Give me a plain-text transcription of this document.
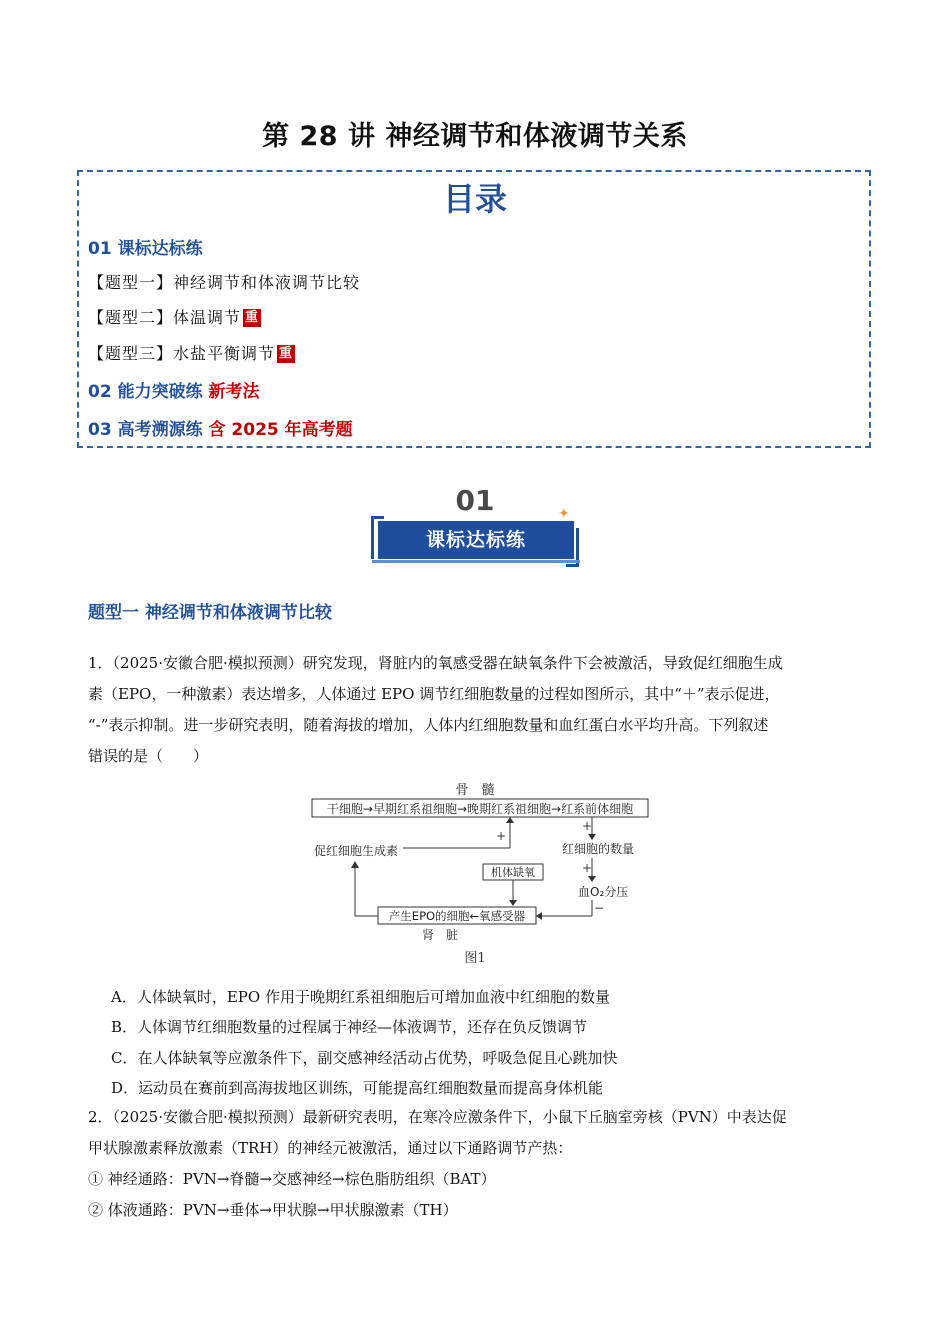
第 28 讲 神经调节和体液调节关系
目录
01 课标达标练
【题型一】神经调节和体液调节比较
【题型二】体温调节 重
【题型三】水盐平衡调节 重
02 能力突破练 新考法
03 高考溯源练 含 2025 年高考题
01
课标达标练
✦
题型一 神经调节和体液调节比较

1．（2025·安徽合肥·模拟预测）研究发现，肾脏内的氧感受器在缺氧条件下会被激活，导致促红细胞生成

素（EPO，一种激素）表达增多，人体通过 EPO 调节红细胞数量的过程如图所示，其中“＋”表示促进，

“-”表示抑制。进一步研究表明，随着海拔的增加，人体内红细胞数量和血红蛋白水平均升高。下列叙述

错误的是（　　）

骨　髓
干细胞→早期红系祖细胞→晚期红系祖细胞→红系前体细胞
+
促红细胞生成素
+
红细胞的数量
+
血O₂分压
−
机体缺氧
产生EPO的细胞←氧感受器
肾　脏
图1
A．人体缺氧时，EPO 作用于晚期红系祖细胞后可增加血液中红细胞的数量
B．人体调节红细胞数量的过程属于神经—体液调节，还存在负反馈调节
C．在人体缺氧等应激条件下，副交感神经活动占优势，呼吸急促且心跳加快
D．运动员在赛前到高海拔地区训练，可能提高红细胞数量而提高身体机能

2．（2025·安徽合肥·模拟预测）最新研究表明，在寒冷应激条件下，小鼠下丘脑室旁核（PVN）中表达促

甲状腺激素释放激素（TRH）的神经元被激活，通过以下通路调节产热：

① 神经通路：PVN→脊髓→交感神经→棕色脂肪组织（BAT）

② 体液通路：PVN→垂体→甲状腺→甲状腺激素（TH）
